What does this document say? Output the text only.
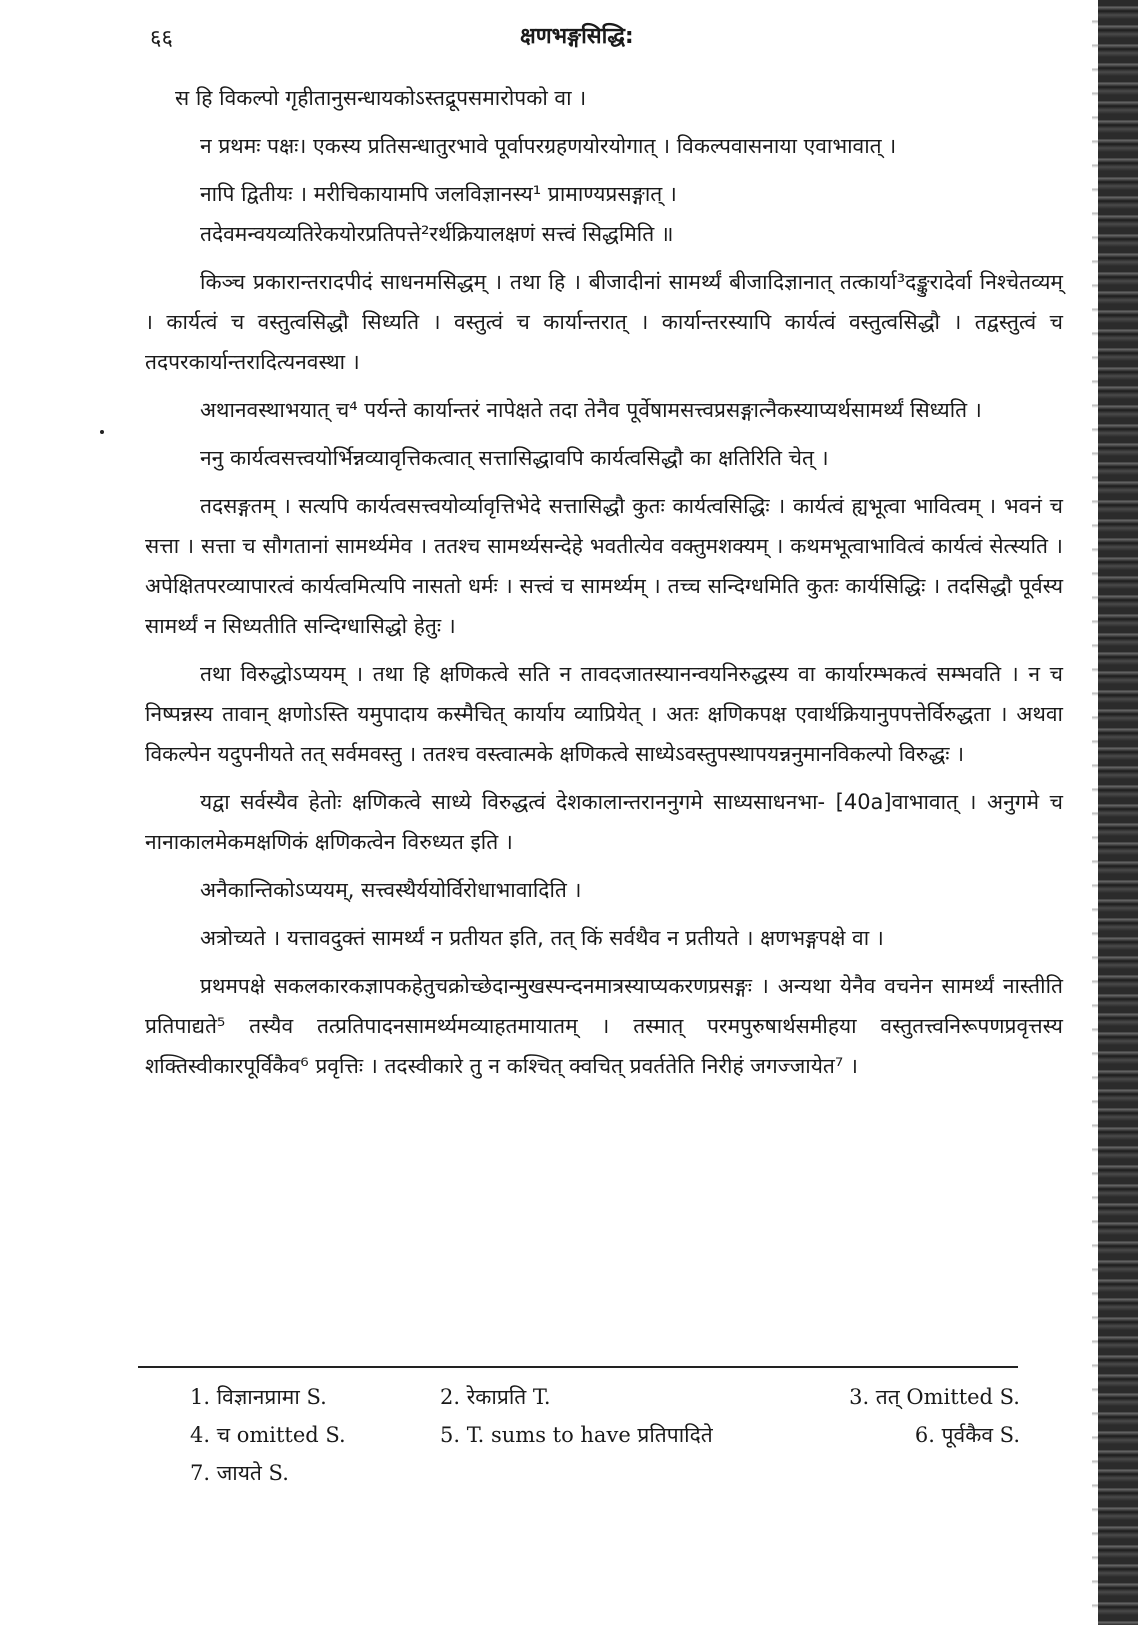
६६	क्षणभङ्गसिद्धि:

स हि विकल्पो गृहीतानुसन्धायकोऽस्तद्रूपसमारोपको वा ।

न प्रथमः पक्षः। एकस्य प्रतिसन्धातुरभावे पूर्वापरग्रहणयोरयोगात् । विकल्पवासनाया एवाभावात् ।

नापि द्वितीयः । मरीचिकायामपि जलविज्ञानस्य¹ प्रामाण्यप्रसङ्गात् ।

तदेवमन्वयव्यतिरेकयोरप्रतिपत्ते²रर्थक्रियालक्षणं सत्त्वं सिद्धमिति ॥

किञ्च प्रकारान्तरादपीदं साधनमसिद्धम् । तथा हि । बीजादीनां सामर्थ्यं बीजादिज्ञानात् तत्कार्या³दङ्कुरादेर्वा निश्चेतव्यम् । कार्यत्वं च वस्तुत्वसिद्धौ सिध्यति । वस्तुत्वं च कार्यान्तरात् । कार्यान्तरस्यापि कार्यत्वं वस्तुत्वसिद्धौ । तद्वस्तुत्वं च तदपरकार्यान्तरादित्यनवस्था ।

अथानवस्थाभयात् च⁴ पर्यन्ते कार्यान्तरं नापेक्षते तदा तेनैव पूर्वेषामसत्त्वप्रसङ्गात्नैकस्याप्यर्थसामर्थ्यं सिध्यति ।

ननु कार्यत्वसत्त्वयोर्भिन्नव्यावृत्तिकत्वात् सत्तासिद्धावपि कार्यत्वसिद्धौ का क्षतिरिति चेत् ।

तदसङ्गतम् । सत्यपि कार्यत्वसत्त्वयोर्व्यावृत्तिभेदे सत्तासिद्धौ कुतः कार्यत्वसिद्धिः । कार्यत्वं ह्यभूत्वा भावित्वम् । भवनं च सत्ता । सत्ता च सौगतानां सामर्थ्यमेव । ततश्च सामर्थ्यसन्देहे भवतीत्येव वक्तुमशक्यम् । कथमभूत्वाभावित्वं कार्यत्वं सेत्स्यति । अपेक्षितपरव्यापारत्वं कार्यत्वमित्यपि नासतो धर्मः । सत्त्वं च सामर्थ्यम् । तच्च सन्दिग्धमिति कुतः कार्यसिद्धिः । तदसिद्धौ पूर्वस्य सामर्थ्यं न सिध्यतीति सन्दिग्धासिद्धो हेतुः ।

तथा विरुद्धोऽप्ययम् । तथा हि क्षणिकत्वे सति न तावदजातस्यानन्वयनिरुद्धस्य वा कार्यारम्भकत्वं सम्भवति । न च निष्पन्नस्य तावान् क्षणोऽस्ति यमुपादाय कस्मैचित् कार्याय व्याप्रियेत् । अतः क्षणिकपक्ष एवार्थक्रियानुपपत्तेर्विरुद्धता । अथवा विकल्पेन यदुपनीयते तत् सर्वमवस्तु । ततश्च वस्त्वात्मके क्षणिकत्वे साध्येऽवस्तुपस्थापयन्ननुमानविकल्पो विरुद्धः ।

यद्वा सर्वस्यैव हेतोः क्षणिकत्वे साध्ये विरुद्धत्वं देशकालान्तराननुगमे साध्यसाधनभा- [40a]वाभावात् । अनुगमे च नानाकालमेकमक्षणिकं क्षणिकत्वेन विरुध्यत इति ।

अनैकान्तिकोऽप्ययम्, सत्त्वस्थैर्ययोर्विरोधाभावादिति ।

अत्रोच्यते । यत्तावदुक्तं सामर्थ्यं न प्रतीयत इति, तत् किं सर्वथैव न प्रतीयते । क्षणभङ्गपक्षे वा ।

प्रथमपक्षे सकलकारकज्ञापकहेतुचक्रोच्छेदान्मुखस्पन्दनमात्रस्याप्यकरणप्रसङ्गः । अन्यथा येनैव वचनेन सामर्थ्यं नास्तीति प्रतिपाद्यते⁵ तस्यैव तत्प्रतिपादनसामर्थ्यमव्याहतमायातम् । तस्मात् परमपुरुषार्थसमीहया वस्तुतत्त्वनिरूपणप्रवृत्तस्य शक्तिस्वीकारपूर्विकैव⁶ प्रवृत्तिः । तदस्वीकारे तु न कश्चित् क्वचित् प्रवर्ततेति निरीहं जगज्जायेत⁷ ।

1. विज्ञानप्रामा S.	2. रेकाप्रति T.	3. तत् Omitted S.
4. च omitted S.	5. T. sums to have प्रतिपादिते	6. पूर्वकैव S.
7. जायते S.
